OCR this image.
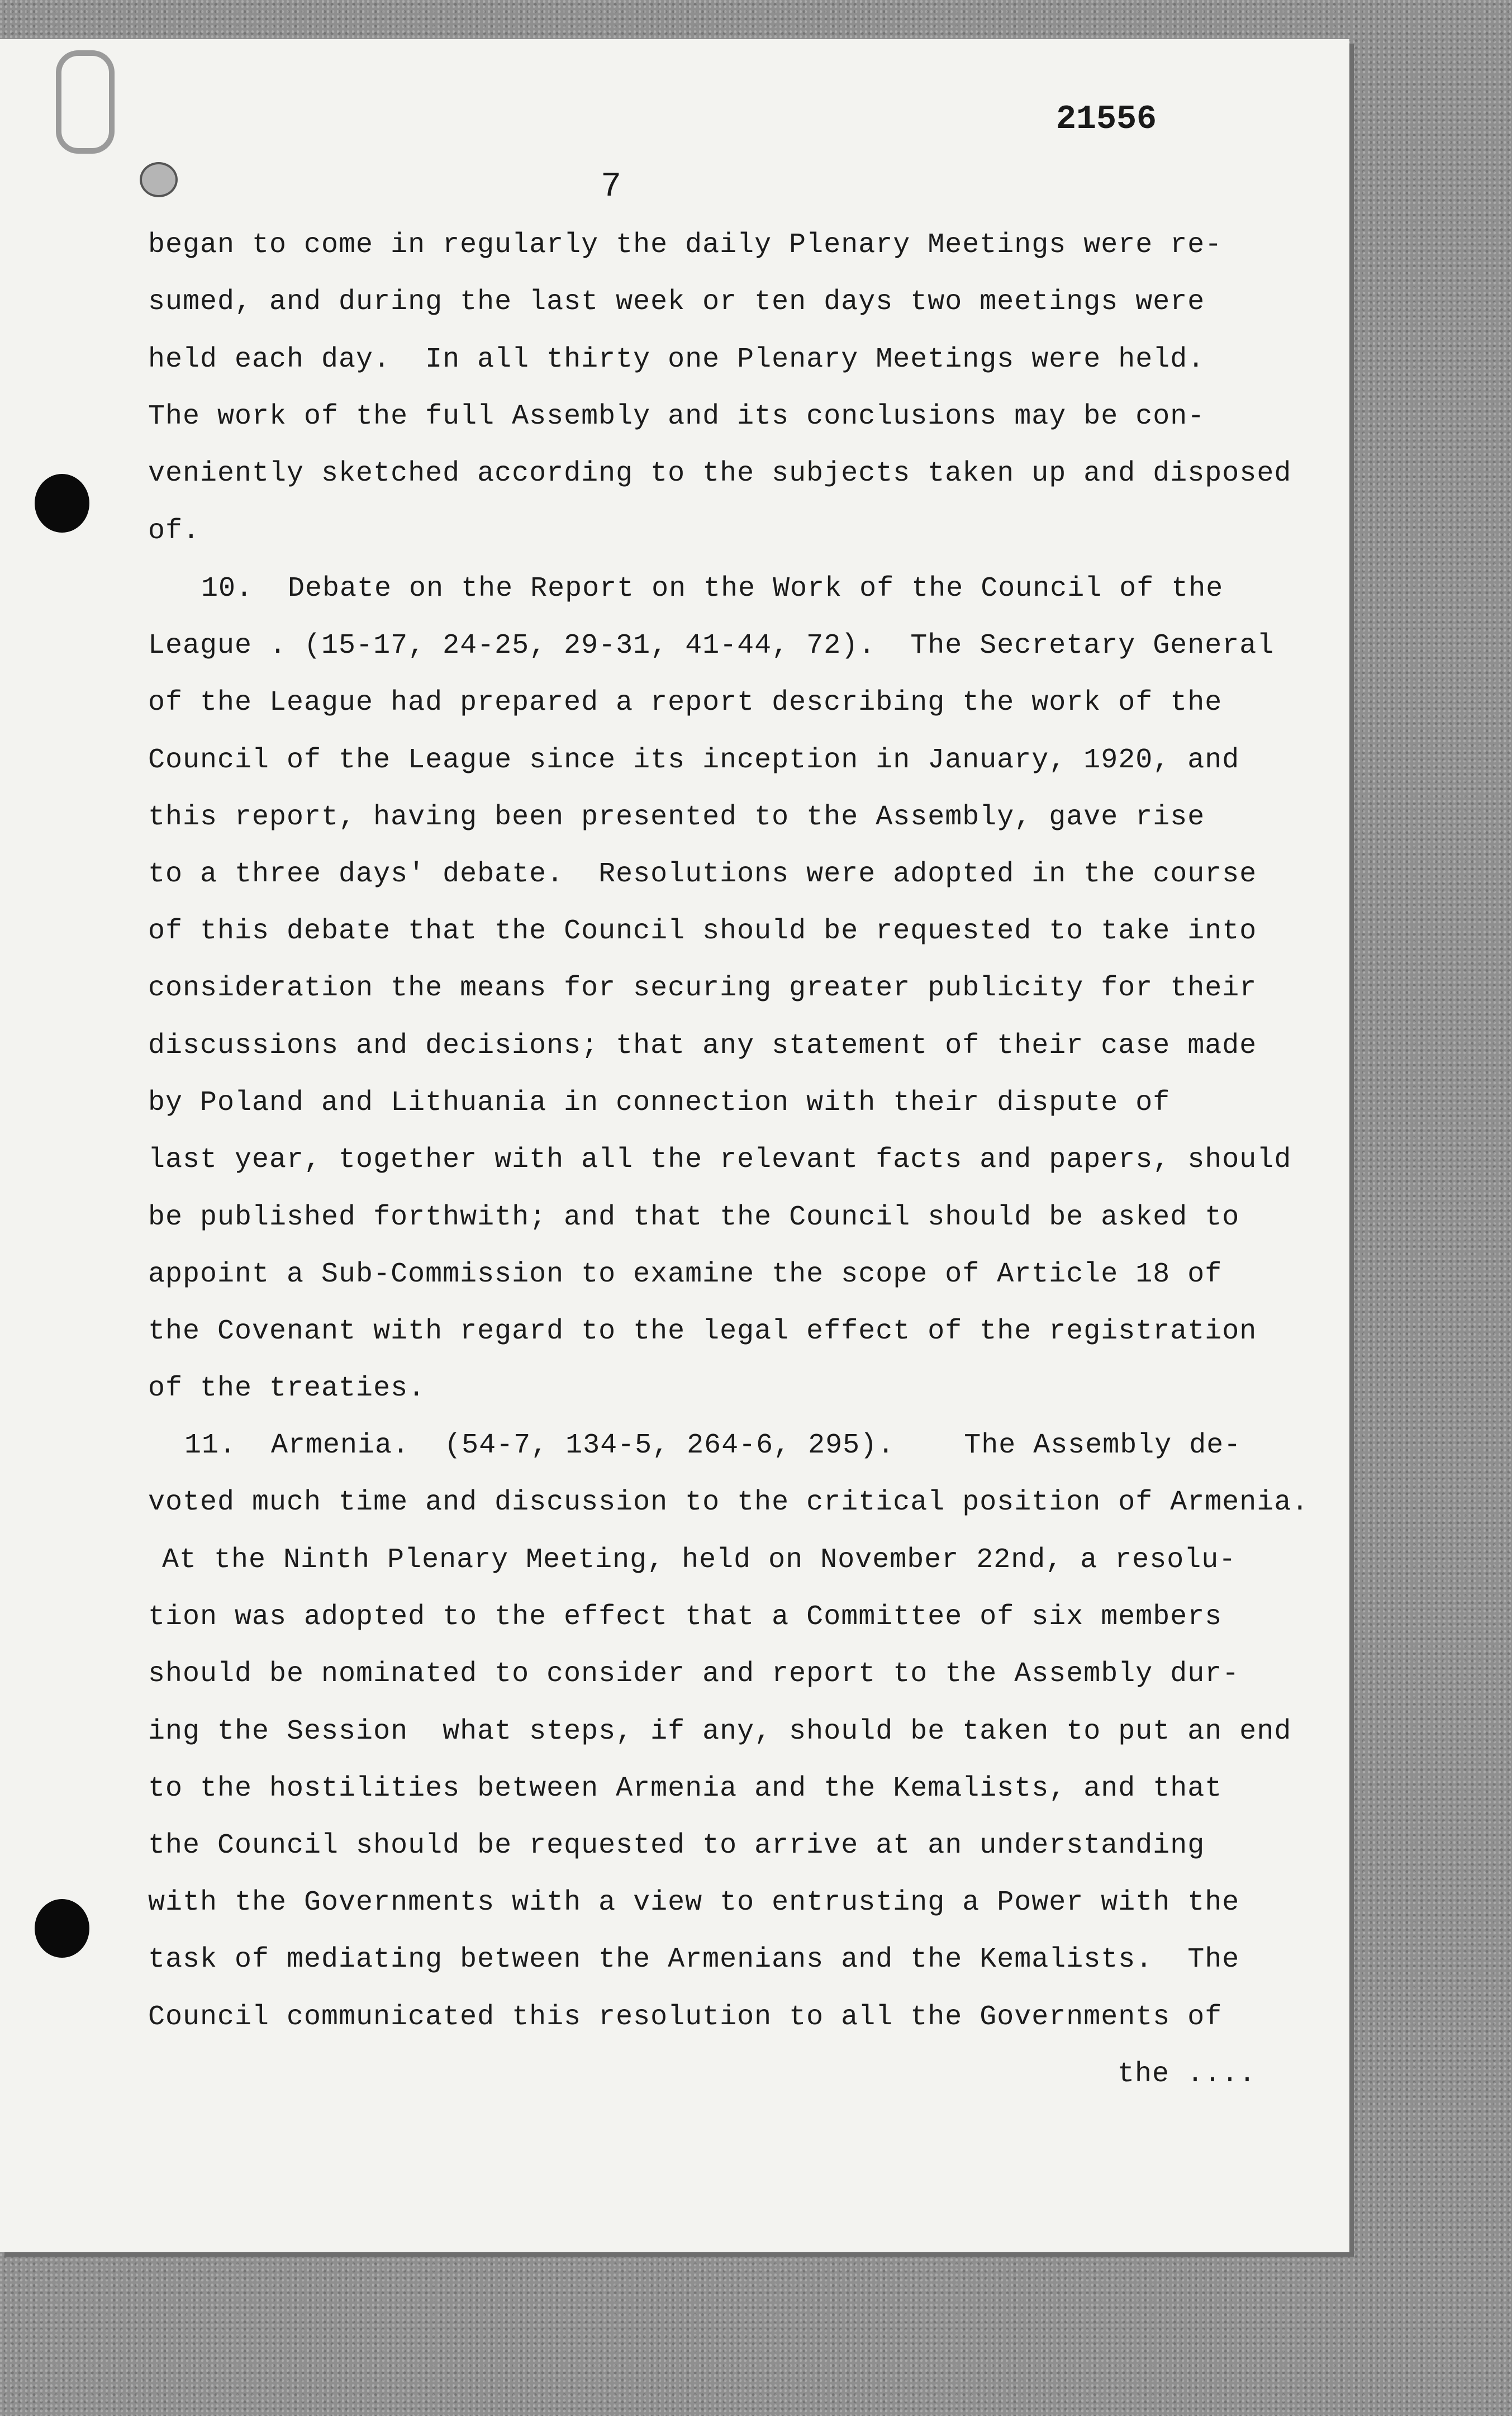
21556
7
began to come in regularly the daily Plenary Meetings were re-
sumed, and during the last week or ten days two meetings were
held each day.  In all thirty one Plenary Meetings were held.
The work of the full Assembly and its conclusions may be con-
veniently sketched according to the subjects taken up and disposed
of.
10.  Debate on the Report on the Work of the Council of the
League . (15-17, 24-25, 29-31, 41-44, 72).  The Secretary General
of the League had prepared a report describing the work of the
Council of the League since its inception in January, 1920, and
this report, having been presented to the Assembly, gave rise
to a three days' debate.  Resolutions were adopted in the course
of this debate that the Council should be requested to take into
consideration the means for securing greater publicity for their
discussions and decisions; that any statement of their case made
by Poland and Lithuania in connection with their dispute of
last year, together with all the relevant facts and papers, should
be published forthwith; and that the Council should be asked to
appoint a Sub-Commission to examine the scope of Article 18 of
the Covenant with regard to the legal effect of the registration
of the treaties.
11.  Armenia.  (54-7, 134-5, 264-6, 295).    The Assembly de-
voted much time and discussion to the critical position of Armenia.
At the Ninth Plenary Meeting, held on November 22nd, a resolu-
tion was adopted to the effect that a Committee of six members
should be nominated to consider and report to the Assembly dur-
ing the Session  what steps, if any, should be taken to put an end
to the hostilities between Armenia and the Kemalists, and that
the Council should be requested to arrive at an understanding
with the Governments with a view to entrusting a Power with the
task of mediating between the Armenians and the Kemalists.  The
Council communicated this resolution to all the Governments of
the ....
